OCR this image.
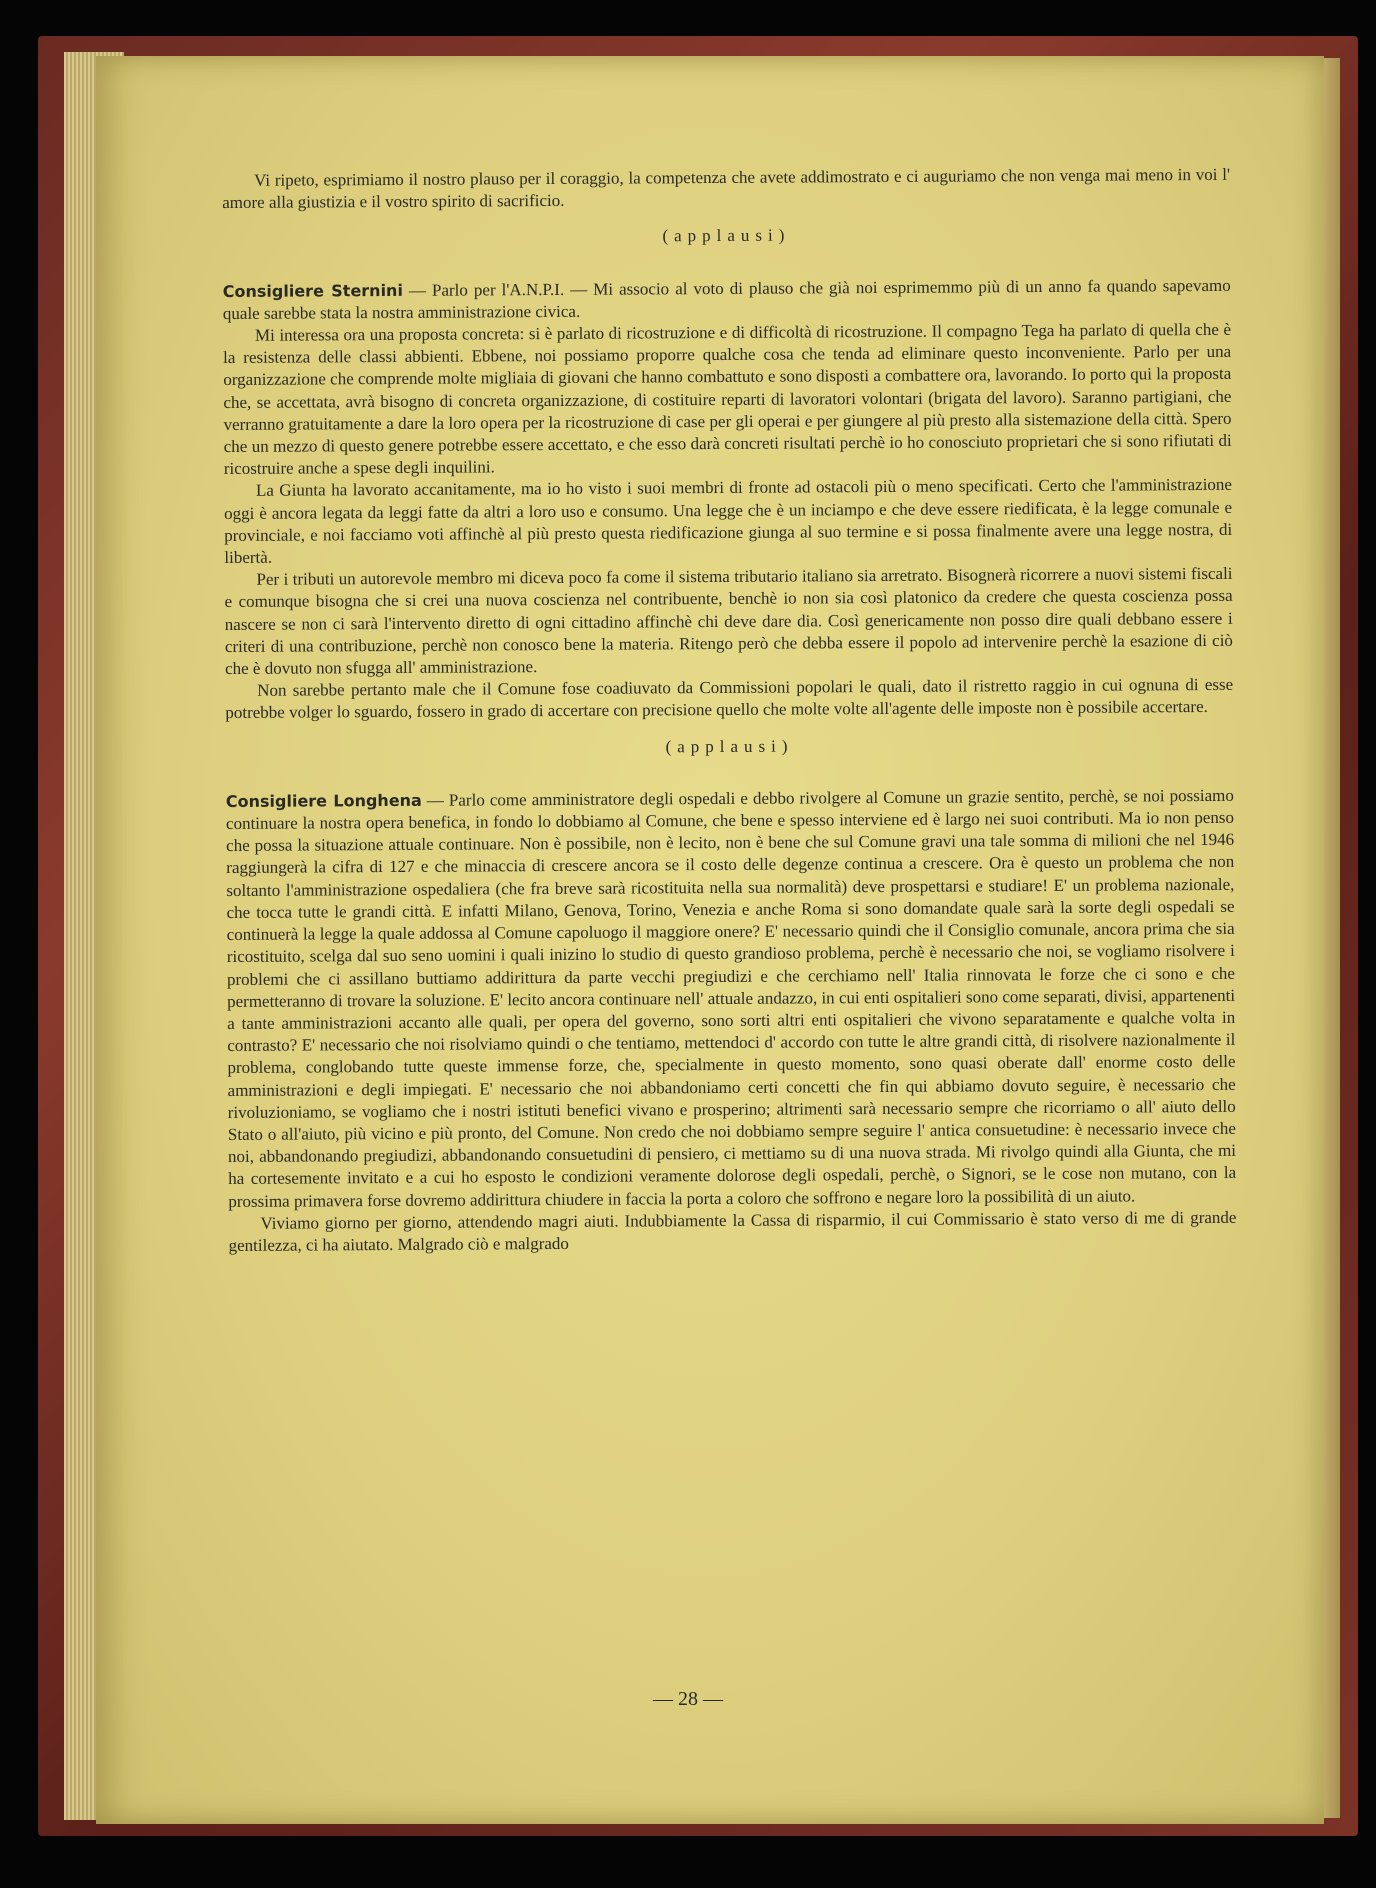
Vi ripeto, esprimiamo il nostro plauso per il coraggio, la competenza che avete addimostrato e ci auguriamo che non venga mai meno in voi l' amore alla giustizia e il vostro spirito di sacrificio.

(applausi)

Consigliere Sternini — Parlo per l'A.N.P.I. — Mi associo al voto di plauso che già noi esprimemmo più di un anno fa quando sapevamo quale sarebbe stata la nostra amministrazione civica.

Mi interessa ora una proposta concreta: si è parlato di ricostruzione e di difficoltà di ricostruzione. Il compagno Tega ha parlato di quella che è la resistenza delle classi abbienti. Ebbene, noi possiamo proporre qualche cosa che tenda ad eliminare questo inconveniente. Parlo per una organizzazione che comprende molte migliaia di giovani che hanno combattuto e sono disposti a combattere ora, lavorando. Io porto qui la proposta che, se accettata, avrà bisogno di concreta organizzazione, di costituire reparti di lavoratori volontari (brigata del lavoro). Saranno partigiani, che verranno gratuitamente a dare la loro opera per la ricostruzione di case per gli operai e per giungere al più presto alla sistemazione della città. Spero che un mezzo di questo genere potrebbe essere accettato, e che esso darà concreti risultati perchè io ho conosciuto proprietari che si sono rifiutati di ricostruire anche a spese degli inquilini.

La Giunta ha lavorato accanitamente, ma io ho visto i suoi membri di fronte ad ostacoli più o meno specificati. Certo che l'amministrazione oggi è ancora legata da leggi fatte da altri a loro uso e consumo. Una legge che è un inciampo e che deve essere riedificata, è la legge comunale e provinciale, e noi facciamo voti affinchè al più presto questa riedificazione giunga al suo termine e si possa finalmente avere una legge nostra, di libertà.

Per i tributi un autorevole membro mi diceva poco fa come il sistema tributario italiano sia arretrato. Bisognerà ricorrere a nuovi sistemi fiscali e comunque bisogna che si crei una nuova coscienza nel contribuente, benchè io non sia così platonico da credere che questa coscienza possa nascere se non ci sarà l'intervento diretto di ogni cittadino affinchè chi deve dare dia. Così genericamente non posso dire quali debbano essere i criteri di una contribuzione, perchè non conosco bene la materia. Ritengo però che debba essere il popolo ad intervenire perchè la esazione di ciò che è dovuto non sfugga all' amministrazione.

Non sarebbe pertanto male che il Comune fose coadiuvato da Commissioni popolari le quali, dato il ristretto raggio in cui ognuna di esse potrebbe volger lo sguardo, fossero in grado di accertare con precisione quello che molte volte all'agente delle imposte non è possibile accertare.

(applausi)

Consigliere Longhena — Parlo come amministratore degli ospedali e debbo rivolgere al Comune un grazie sentito, perchè, se noi possiamo continuare la nostra opera benefica, in fondo lo dobbiamo al Comune, che bene e spesso interviene ed è largo nei suoi contributi. Ma io non penso che possa la situazione attuale continuare. Non è possibile, non è lecito, non è bene che sul Comune gravi una tale somma di milioni che nel 1946 raggiungerà la cifra di 127 e che minaccia di crescere ancora se il costo delle degenze continua a crescere. Ora è questo un problema che non soltanto l'amministrazione ospedaliera (che fra breve sarà ricostituita nella sua normalità) deve prospettarsi e studiare! E' un problema nazionale, che tocca tutte le grandi città. E infatti Milano, Genova, Torino, Venezia e anche Roma si sono domandate quale sarà la sorte degli ospedali se continuerà la legge la quale addossa al Comune capoluogo il maggiore onere? E' necessario quindi che il Consiglio comunale, ancora prima che sia ricostituito, scelga dal suo seno uomini i quali inizino lo studio di questo grandioso problema, perchè è necessario che noi, se vogliamo risolvere i problemi che ci assillano buttiamo addirittura da parte vecchi pregiudizi e che cerchiamo nell' Italia rinnovata le forze che ci sono e che permetteranno di trovare la soluzione. E' lecito ancora continuare nell' attuale andazzo, in cui enti ospitalieri sono come separati, divisi, appartenenti a tante amministrazioni accanto alle quali, per opera del governo, sono sorti altri enti ospitalieri che vivono separatamente e qualche volta in contrasto? E' necessario che noi risolviamo quindi o che tentiamo, mettendoci d' accordo con tutte le altre grandi città, di risolvere nazionalmente il problema, conglobando tutte queste immense forze, che, specialmente in questo momento, sono quasi oberate dall' enorme costo delle amministrazioni e degli impiegati. E' necessario che noi abbandoniamo certi concetti che fin qui abbiamo dovuto seguire, è necessario che rivoluzioniamo, se vogliamo che i nostri istituti benefici vivano e prosperino; altrimenti sarà necessario sempre che ricorriamo o all' aiuto dello Stato o all'aiuto, più vicino e più pronto, del Comune. Non credo che noi dobbiamo sempre seguire l' antica consuetudine: è necessario invece che noi, abbandonando pregiudizi, abbandonando consuetudini di pensiero, ci mettiamo su di una nuova strada. Mi rivolgo quindi alla Giunta, che mi ha cortesemente invitato e a cui ho esposto le condizioni veramente dolorose degli ospedali, perchè, o Signori, se le cose non mutano, con la prossima primavera forse dovremo addirittura chiudere in faccia la porta a coloro che soffrono e negare loro la possibilità di un aiuto.

Viviamo giorno per giorno, attendendo magri aiuti. Indubbiamente la Cassa di risparmio, il cui Commissario è stato verso di me di grande gentilezza, ci ha aiutato. Malgrado ciò e malgrado

— 28 —
